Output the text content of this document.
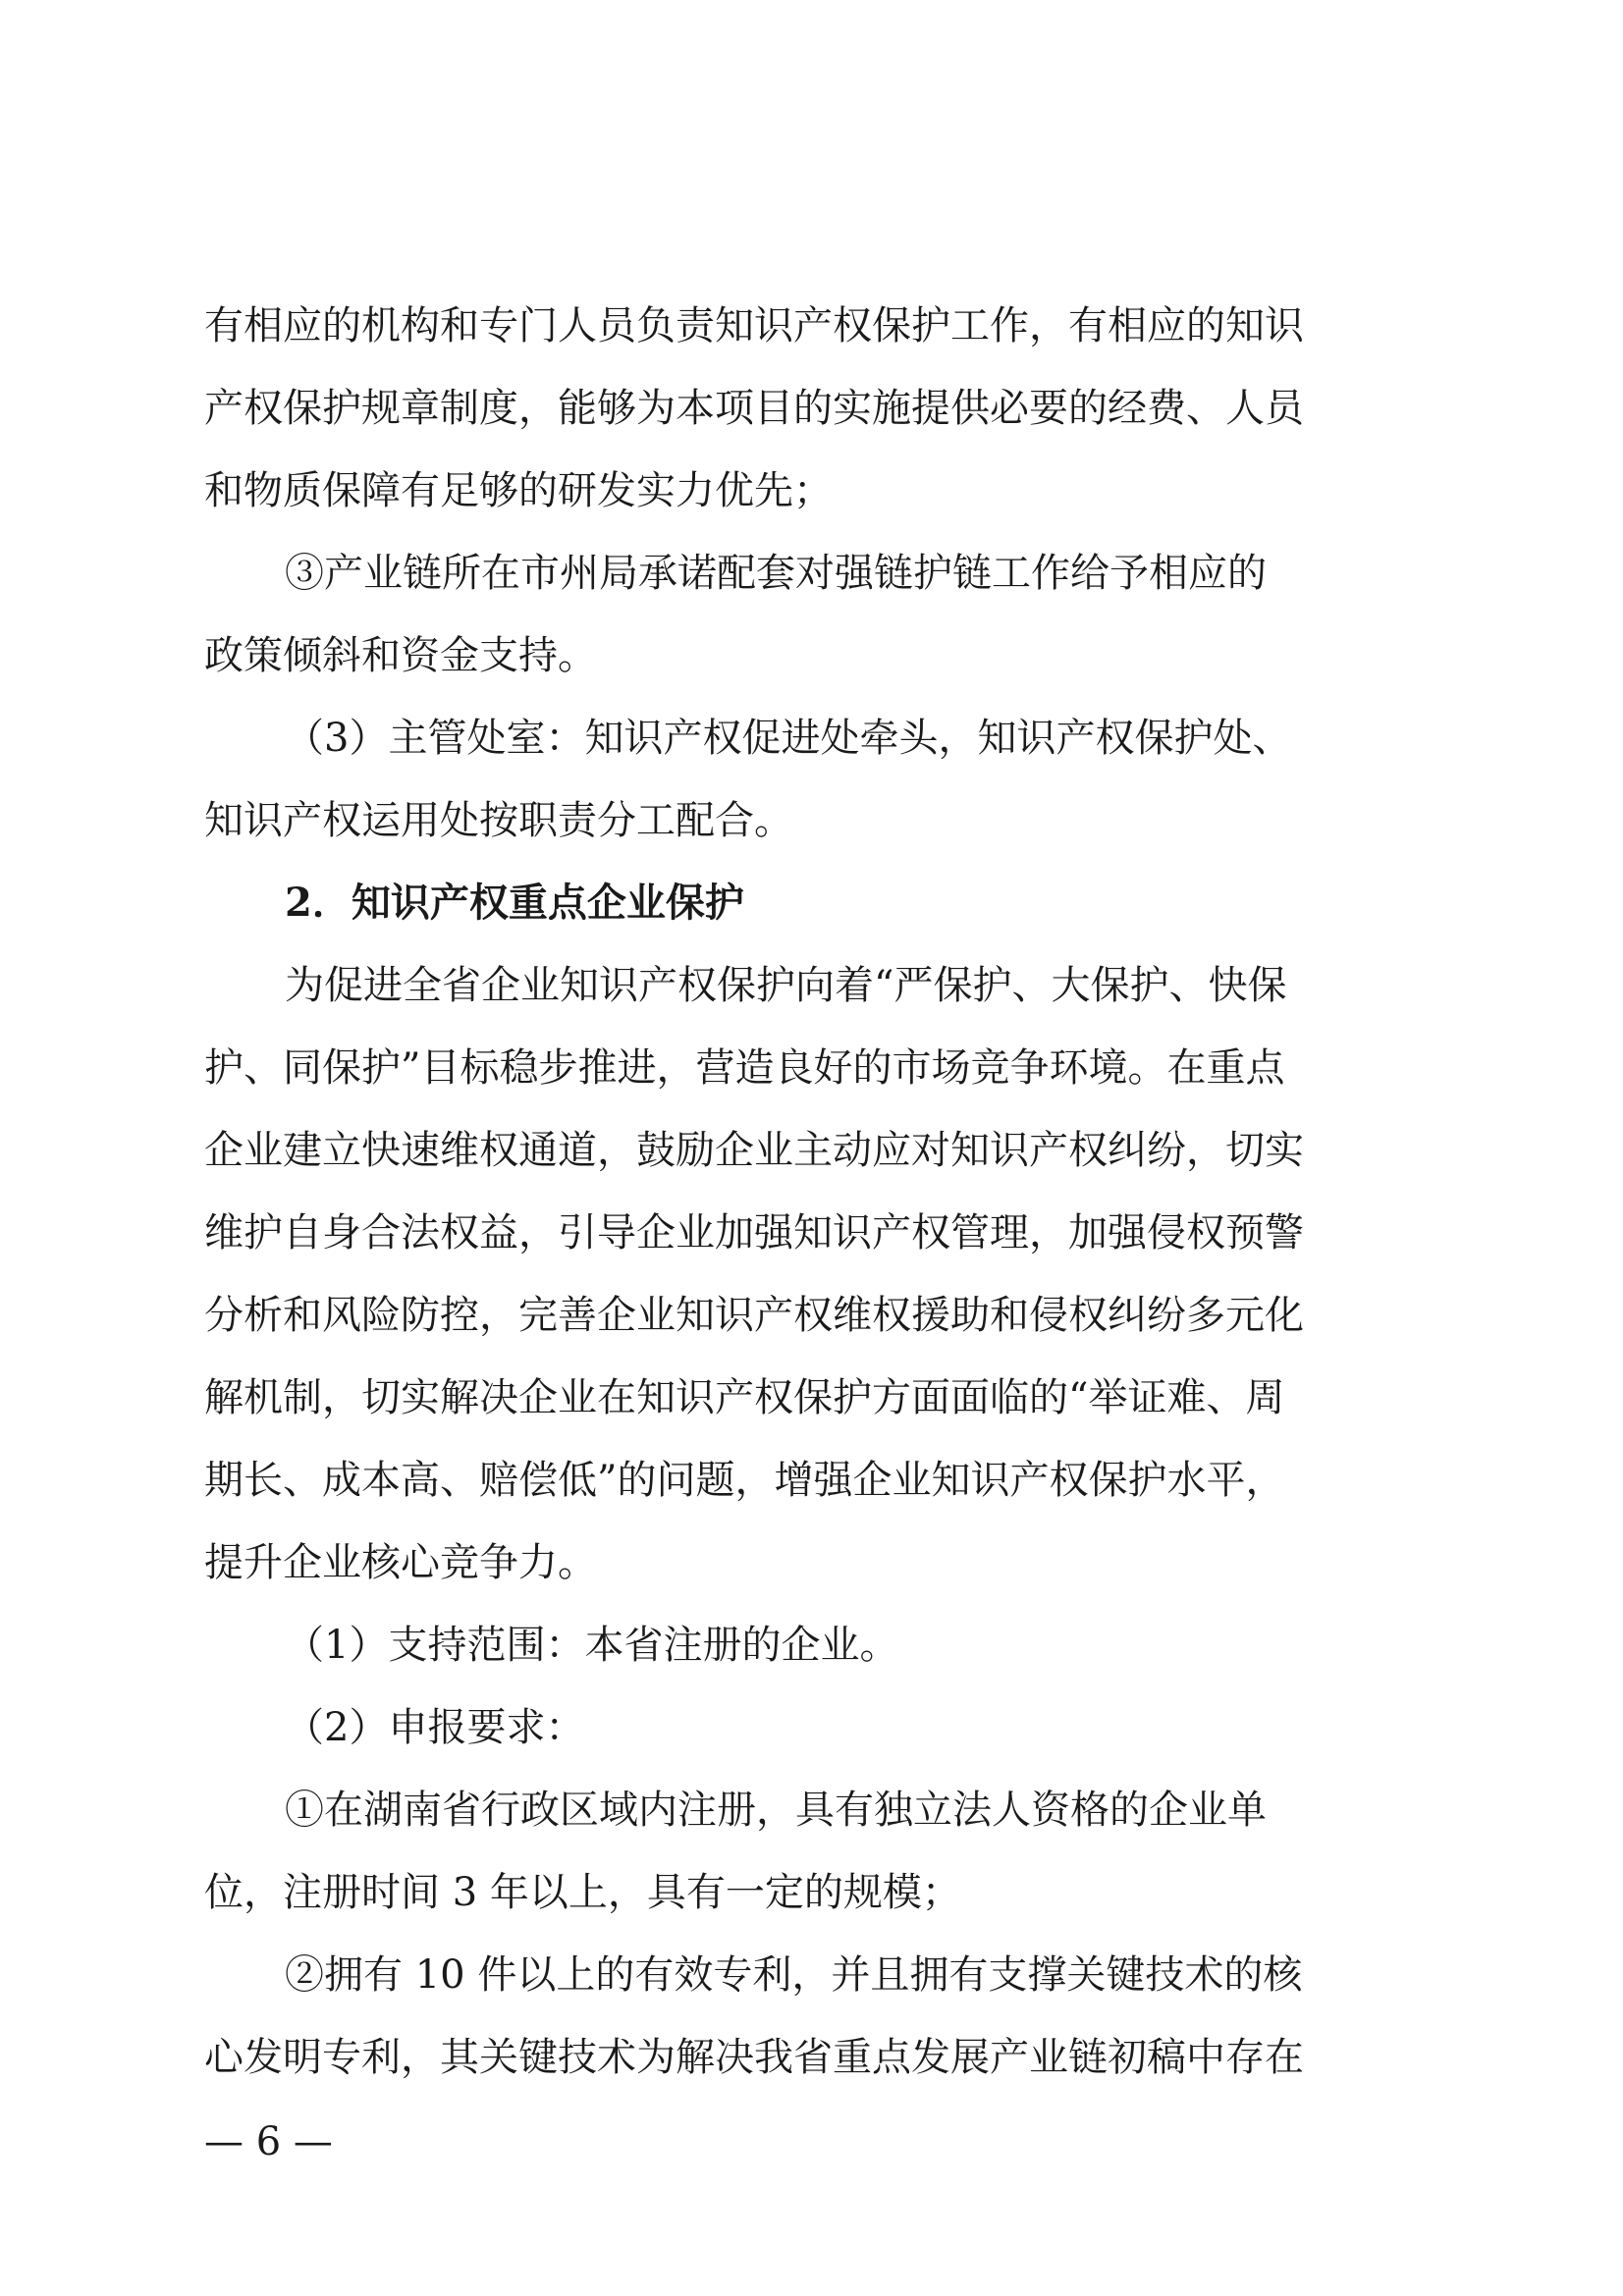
有相应的机构和专门人员负责知识产权保护工作，有相应的知识
产权保护规章制度，能够为本项目的实施提供必要的经费、人员
和物质保障有足够的研发实力优先；
③产业链所在市州局承诺配套对强链护链工作给予相应的
政策倾斜和资金支持。
（3）主管处室：知识产权促进处牵头，知识产权保护处、
知识产权运用处按职责分工配合。
2．知识产权重点企业保护
为促进全省企业知识产权保护向着“严保护、大保护、快保
护、同保护”目标稳步推进，营造良好的市场竞争环境。在重点
企业建立快速维权通道，鼓励企业主动应对知识产权纠纷，切实
维护自身合法权益，引导企业加强知识产权管理，加强侵权预警
分析和风险防控，完善企业知识产权维权援助和侵权纠纷多元化
解机制，切实解决企业在知识产权保护方面面临的“举证难、周
期长、成本高、赔偿低”的问题，增强企业知识产权保护水平，
提升企业核心竞争力。
（1）支持范围：本省注册的企业。
（2）申报要求：
①在湖南省行政区域内注册，具有独立法人资格的企业单
位，注册时间 3 年以上，具有一定的规模；
②拥有 10 件以上的有效专利，并且拥有支撑关键技术的核
心发明专利，其关键技术为解决我省重点发展产业链初稿中存在
— 6 —
